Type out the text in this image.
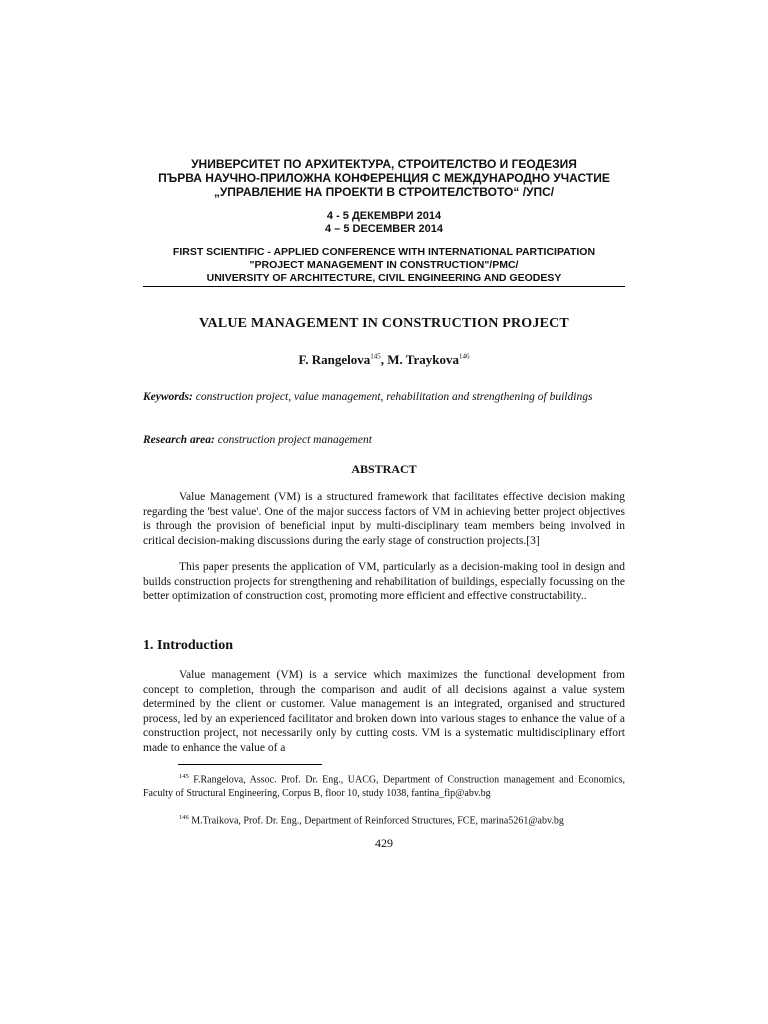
УНИВЕРСИТЕТ ПО АРХИТЕКТУРА, СТРОИТЕЛСТВО И ГЕОДЕЗИЯ
ПЪРВА НАУЧНО-ПРИЛОЖНА КОНФЕРЕНЦИЯ С МЕЖДУНАРОДНО УЧАСТИЕ
„УПРАВЛЕНИЕ НА ПРОЕКТИ В СТРОИТЕЛСТВОТО“ /УПС/
4 - 5 ДЕКЕМВРИ 2014
4 – 5 DECEMBER 2014
FIRST SCIENTIFIC - APPLIED CONFERENCE WITH INTERNATIONAL PARTICIPATION
"PROJECT MANAGEMENT IN CONSTRUCTION"/PMC/
UNIVERSITY OF ARCHITECTURE, CIVIL ENGINEERING AND GEODESY
VALUE MANAGEMENT IN CONSTRUCTION PROJECT
F. Rangelova$^{145}$, M. Traykova$^{146}$
Keywords: construction project, value management, rehabilitation and strengthening of buildings
Research area: construction project management
ABSTRACT

Value Management (VM) is a structured framework that facilitates effective decision making regarding the 'best value'. One of the major success factors of VM in achieving better project objectives is through the provision of beneficial input by multi-disciplinary team members being involved in critical decision-making discussions during the early stage of construction projects.[3]

This paper presents the application of VM, particularly as a decision-making tool in design and builds construction projects for strengthening and rehabilitation of buildings, especially focussing on the better optimization of construction cost, promoting more efficient and effective constructability..

1. Introduction

Value management (VM) is a service which maximizes the functional development from concept to completion, through the comparison and audit of all decisions against a value system determined by the client or customer. Value management is an integrated, organised and structured process, led by an experienced facilitator and broken down into various stages to enhance the value of a construction project, not necessarily only by cutting costs. VM is a systematic multidisciplinary effort made to enhance the value of a

$^{145}$ F.Rangelova, Assoc. Prof. Dr. Eng., UACG, Department of Construction management and Economics, Faculty of Structural Engineering, Corpus B, floor 10, study 1038, fantina_fip@abv.bg
$^{146}$ M.Traikova, Prof. Dr. Eng., Department of Reinforced Structures, FCE, marina5261@abv.bg
429
